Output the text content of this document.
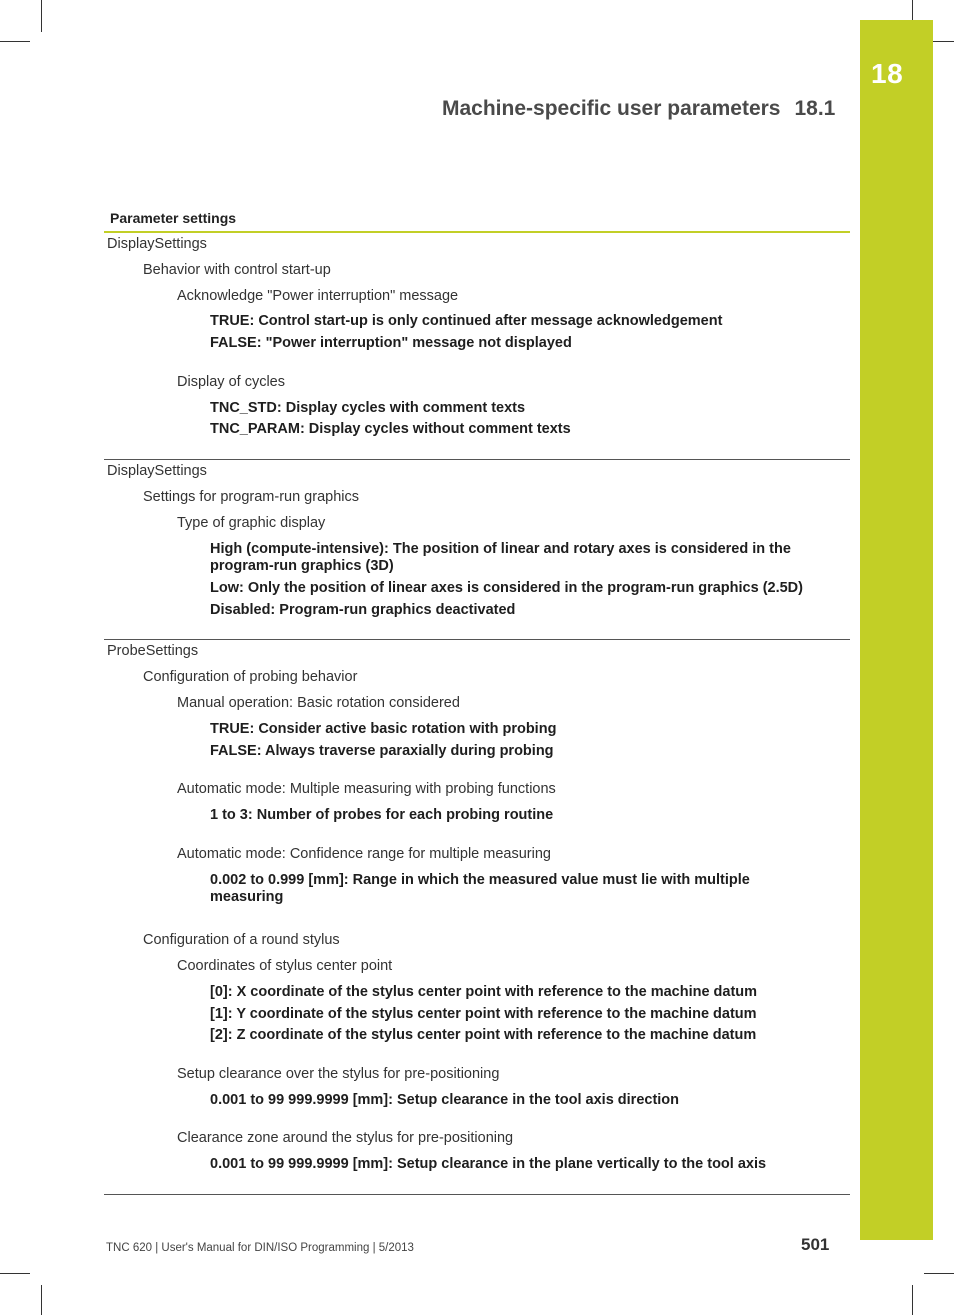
18
Machine-specific user parameters 18.1
Parameter settings
DisplaySettings
Behavior with control start-up
Acknowledge "Power interruption" message
TRUE: Control start-up is only continued after message acknowledgement
FALSE: "Power interruption" message not displayed
Display of cycles
TNC_STD: Display cycles with comment texts
TNC_PARAM: Display cycles without comment texts
DisplaySettings
Settings for program-run graphics
Type of graphic display
High (compute-intensive): The position of linear and rotary axes is considered in the program-run graphics (3D)
Low: Only the position of linear axes is considered in the program-run graphics (2.5D)
Disabled: Program-run graphics deactivated
ProbeSettings
Configuration of probing behavior
Manual operation: Basic rotation considered
TRUE: Consider active basic rotation with probing
FALSE: Always traverse paraxially during probing
Automatic mode: Multiple measuring with probing functions
1 to 3: Number of probes for each probing routine
Automatic mode: Confidence range for multiple measuring
0.002 to 0.999 [mm]: Range in which the measured value must lie with multiple measuring
Configuration of a round stylus
Coordinates of stylus center point
[0]: X coordinate of the stylus center point with reference to the machine datum
[1]: Y coordinate of the stylus center point with reference to the machine datum
[2]: Z coordinate of the stylus center point with reference to the machine datum
Setup clearance over the stylus for pre-positioning
0.001 to 99 999.9999 [mm]: Setup clearance in the tool axis direction
Clearance zone around the stylus for pre-positioning
0.001 to 99 999.9999 [mm]: Setup clearance in the plane vertically to the tool axis
TNC 620 | User's Manual for DIN/ISO Programming | 5/2013	501
